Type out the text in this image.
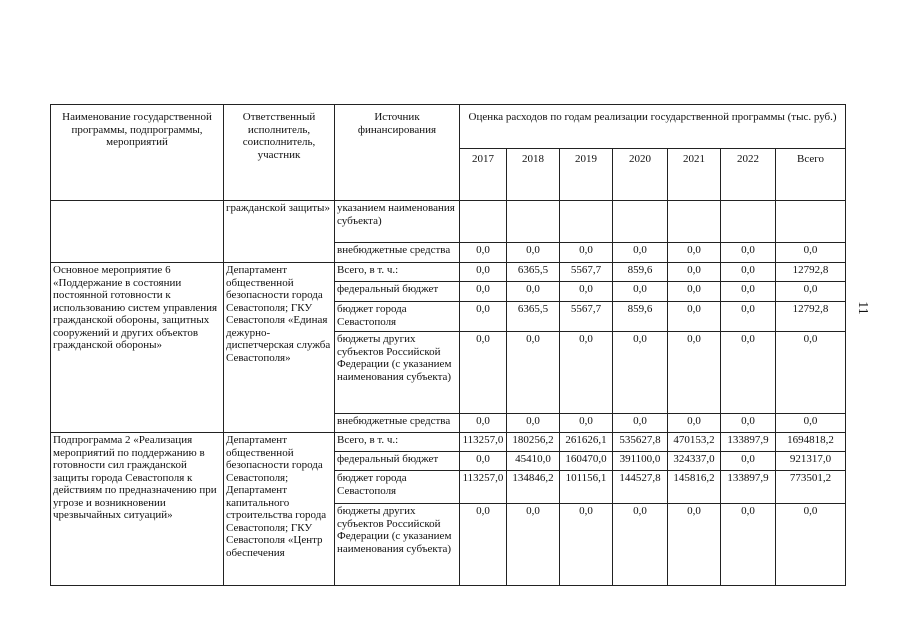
Наименование государственной программы, подпрограммы, мероприятий	Ответственный исполнитель, соисполнитель, участник	Источник финансирования	Оценка расходов по годам реализации государственной программы (тыс. руб.)						
			2017	2018	2019	2020	2021	2022	Всего
	гражданской защиты»	указанием наименования субъекта)							
		внебюджетные средства	0,0	0,0	0,0	0,0	0,0	0,0	0,0
Основное мероприятие 6 «Поддержание в состоянии постоянной готовности к использованию систем управления гражданской обороны, защитных сооружений и других объектов гражданской обороны»	Департамент общественной безопасности города Севастополя; ГКУ Севастополя «Единая дежурно-диспетчерская служба Севастополя»	Всего, в т. ч.:	0,0	6365,5	5567,7	859,6	0,0	0,0	12792,8
		федеральный бюджет	0,0	0,0	0,0	0,0	0,0	0,0	0,0
		бюджет города Севастополя	0,0	6365,5	5567,7	859,6	0,0	0,0	12792,8
		бюджеты других субъектов Российской Федерации (с указанием наименования субъекта)	0,0	0,0	0,0	0,0	0,0	0,0	0,0
		внебюджетные средства	0,0	0,0	0,0	0,0	0,0	0,0	0,0
Подпрограмма 2 «Реализация мероприятий по поддержанию в готовности сил гражданской защиты города Севастополя к действиям по предназначению при угрозе и возникновении чрезвычайных ситуаций»	Департамент общественной безопасности города Севастополя; Департамент капитального строительства города Севастополя; ГКУ Севастополя «Центр обеспечения	Всего, в т. ч.:	113257,0	180256,2	261626,1	535627,8	470153,2	133897,9	1694818,2
		федеральный бюджет	0,0	45410,0	160470,0	391100,0	324337,0	0,0	921317,0
		бюджет города Севастополя	113257,0	134846,2	101156,1	144527,8	145816,2	133897,9	773501,2
		бюджеты других субъектов Российской Федерации (с указанием наименования субъекта)	0,0	0,0	0,0	0,0	0,0	0,0	0,0
11
